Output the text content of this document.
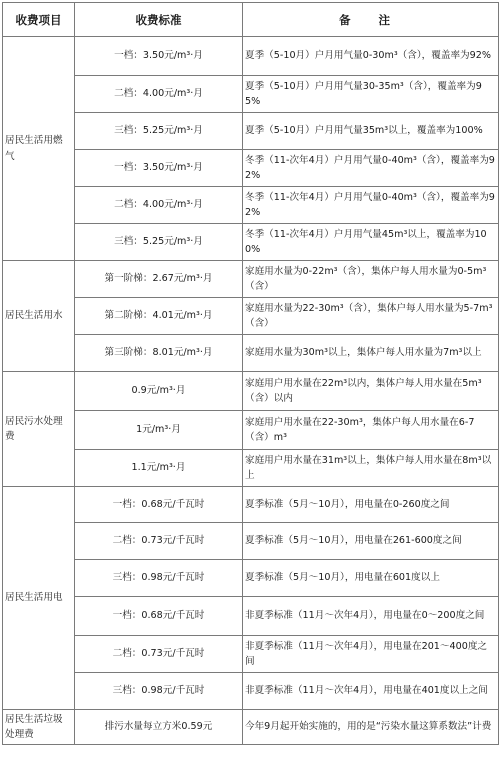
收费项目	收费标准	备 注
居民生活用燃气	一档：3.50元/m³·月	夏季（5-10月）户月用气量0-30m³（含），覆盖率为92%
	二档：4.00元/m³·月	夏季（5-10月）户月用气量30-35m³（含），覆盖率为95%
	三档：5.25元/m³·月	夏季（5-10月）户月用气量35m³以上，覆盖率为100%
	一档：3.50元/m³·月	冬季（11-次年4月）户月用气量0-40m³（含），覆盖率为92%
	二档：4.00元/m³·月	冬季（11-次年4月）户月用气量0-40m³（含），覆盖率为92%
	三档：5.25元/m³·月	冬季（11-次年4月）户月用气量45m³以上，覆盖率为100%
居民生活用水	第一阶梯：2.67元/m³·月	家庭用水量为0-22m³（含），集体户每人用水量为0-5m³（含）
	第二阶梯：4.01元/m³·月	家庭用水量为22-30m³（含），集体户每人用水量为5-7m³（含）
	第三阶梯：8.01元/m³·月	家庭用水量为30m³以上，集体户每人用水量为7m³以上
居民污水处理费	0.9元/m³·月	家庭用户用水量在22m³以内，集体户每人用水量在5m³（含）以内
	1元/m³·月	家庭用户用水量在22-30m³，集体户每人用水量在6-7（含）m³
	1.1元/m³·月	家庭用户用水量在31m³以上，集体户每人用水量在8m³以上
居民生活用电	一档：0.68元/千瓦时	夏季标准（5月～10月），用电量在0-260度之间
	二档：0.73元/千瓦时	夏季标准（5月～10月），用电量在261-600度之间
	三档：0.98元/千瓦时	夏季标准（5月～10月），用电量在601度以上
	一档：0.68元/千瓦时	非夏季标准（11月～次年4月），用电量在0～200度之间
	二档：0.73元/千瓦时	非夏季标准（11月～次年4月），用电量在201～400度之间
	三档：0.98元/千瓦时	非夏季标准（11月～次年4月），用电量在401度以上之间
居民生活垃圾处理费	排污水量每立方米0.59元	今年9月起开始实施的，用的是“污染水量这算系数法”计费
